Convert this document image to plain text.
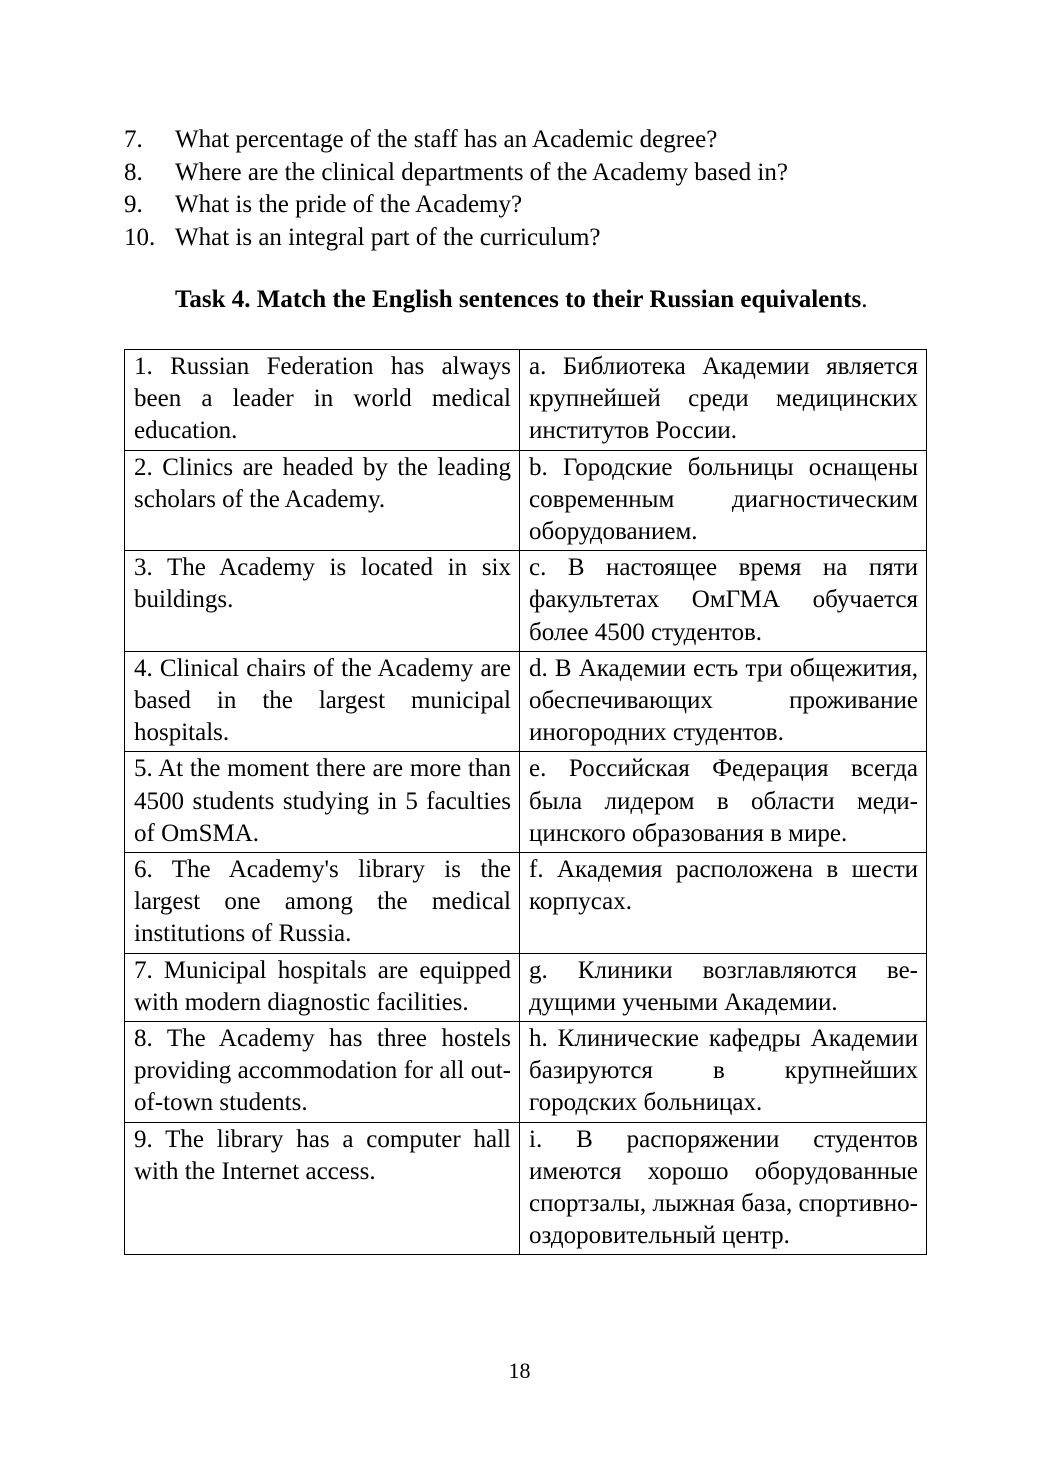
7.	What percentage of the staff has an Academic degree?
8.	Where are the clinical departments of the Academy based in?
9.	What is the pride of the Academy?
10. What is an integral part of the curriculum?

Task 4. Match the English sentences to their Russian equivalents.

1. Russian Federation has always been a leader in world medical education.	a. Библиотека Академии является крупнейшей среди медицинских институтов России.
2. Clinics are headed by the leading scholars of the Academy.	b. Городские больницы оснащены современным диагностическим оборудованием.
3. The Academy is located in six buildings.	c. В настоящее время на пяти факультетах ОмГМА обучается более 4500 студентов.
4. Clinical chairs of the Academy are based in the largest municipal hospitals.	d. В Академии есть три общежития, обеспечивающих проживание иногородних студентов.
5. At the moment there are more than 4500 students studying in 5 faculties of OmSMA.	e. Российская Федерация всегда была лидером в области медицинского образования в мире.
6. The Academy's library is the largest one among the medical institutions of Russia.	f. Академия расположена в шести корпусах.
7. Municipal hospitals are equipped with modern diagnostic facilities.	g. Клиники возглавляются ведущими учеными Академии.
8. The Academy has three hostels providing accommodation for all out-of-town students.	h. Клинические кафедры Академии базируются в крупнейших городских больницах.
9. The library has a computer hall with the Internet access.	i. В распоряжении студентов имеются хорошо оборудованные спортзалы, лыжная база, спортивно-оздоровительный центр.
18
